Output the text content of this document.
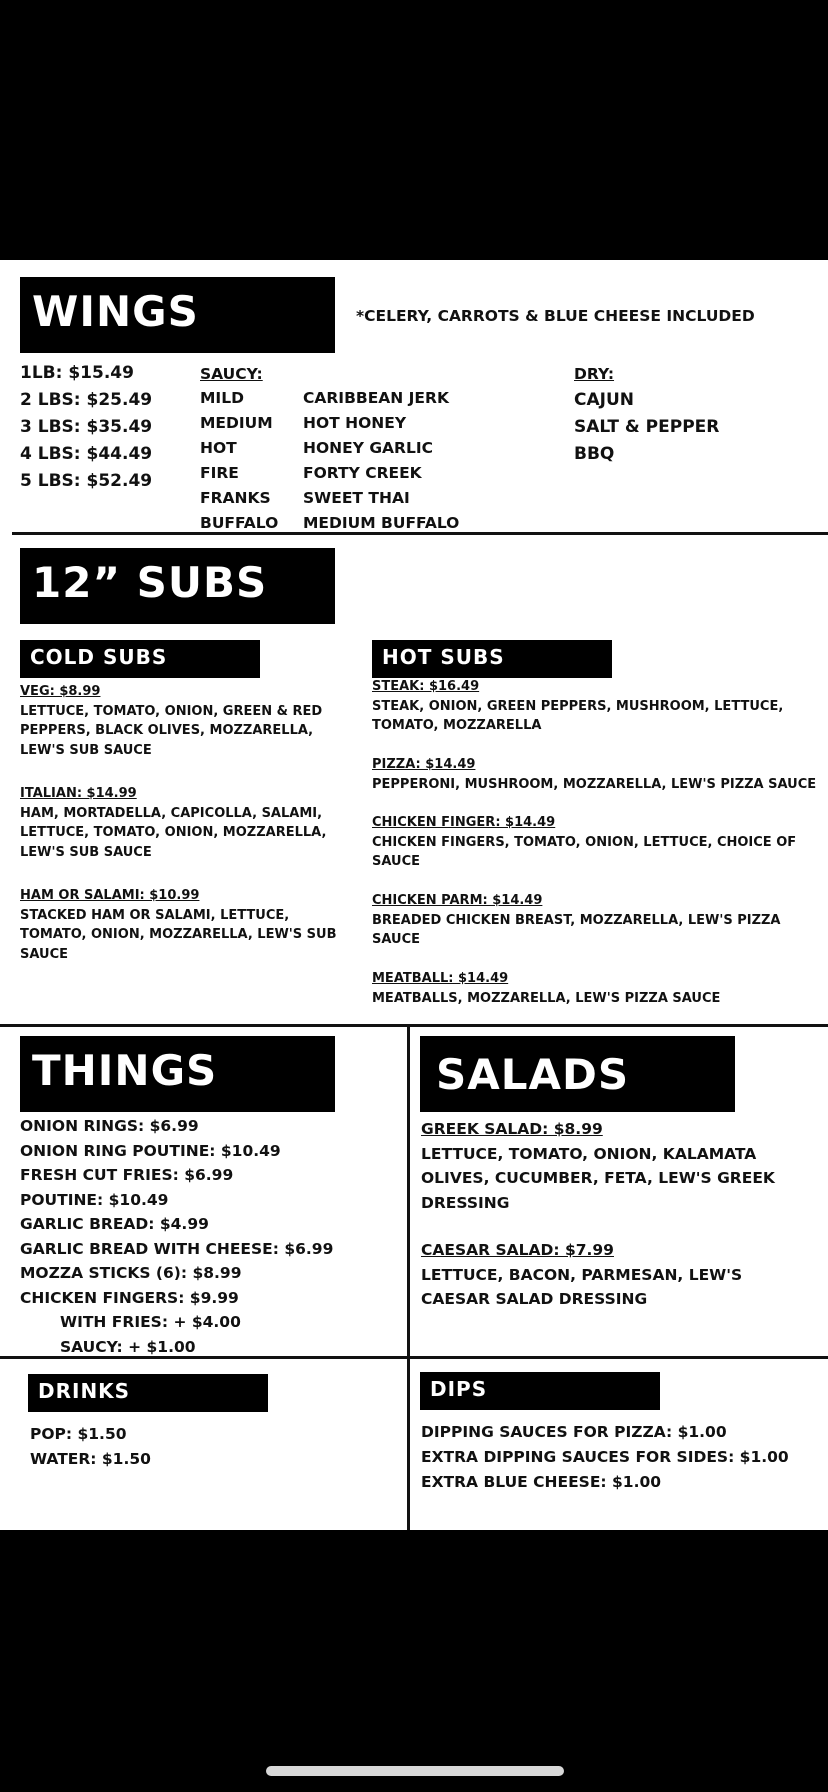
WINGS	*CELERY, CARROTS & BLUE CHEESE INCLUDED
1LB: $15.49
2 LBS: $25.49
3 LBS: $35.49
4 LBS: $44.49
5 LBS: $52.49
SAUCY:
MILD
MEDIUM
HOT
FIRE
FRANKS
BUFFALO
CARIBBEAN JERK
HOT HONEY
HONEY GARLIC
FORTY CREEK
SWEET THAI
MEDIUM BUFFALO
DRY:
CAJUN
SALT & PEPPER
BBQ
12” SUBS
COLD SUBS	HOT SUBS
VEG: $8.99
LETTUCE, TOMATO, ONION, GREEN & RED
PEPPERS, BLACK OLIVES, MOZZARELLA,
LEW'S SUB SAUCE
ITALIAN: $14.99
HAM, MORTADELLA, CAPICOLLA, SALAMI,
LETTUCE, TOMATO, ONION, MOZZARELLA,
LEW'S SUB SAUCE
HAM OR SALAMI: $10.99
STACKED HAM OR SALAMI, LETTUCE,
TOMATO, ONION, MOZZARELLA, LEW'S SUB
SAUCE
STEAK: $16.49
STEAK, ONION, GREEN PEPPERS, MUSHROOM, LETTUCE,
TOMATO, MOZZARELLA
PIZZA: $14.49
PEPPERONI, MUSHROOM, MOZZARELLA, LEW'S PIZZA SAUCE
CHICKEN FINGER: $14.49
CHICKEN FINGERS, TOMATO, ONION, LETTUCE, CHOICE OF
SAUCE
CHICKEN PARM: $14.49
BREADED CHICKEN BREAST, MOZZARELLA, LEW'S PIZZA
SAUCE
MEATBALL: $14.49
MEATBALLS, MOZZARELLA, LEW'S PIZZA SAUCE
THINGS
ONION RINGS: $6.99
ONION RING POUTINE: $10.49
FRESH CUT FRIES: $6.99
POUTINE: $10.49
GARLIC BREAD: $4.99
GARLIC BREAD WITH CHEESE: $6.99
MOZZA STICKS (6): $8.99
CHICKEN FINGERS: $9.99
WITH FRIES: + $4.00
SAUCY: + $1.00
SALADS
GREEK SALAD: $8.99
LETTUCE, TOMATO, ONION, KALAMATA
OLIVES, CUCUMBER, FETA, LEW'S GREEK
DRESSING
CAESAR SALAD: $7.99
LETTUCE, BACON, PARMESAN, LEW'S
CAESAR SALAD DRESSING
DRINKS
POP: $1.50
WATER: $1.50
DIPS
DIPPING SAUCES FOR PIZZA: $1.00
EXTRA DIPPING SAUCES FOR SIDES: $1.00
EXTRA BLUE CHEESE: $1.00
